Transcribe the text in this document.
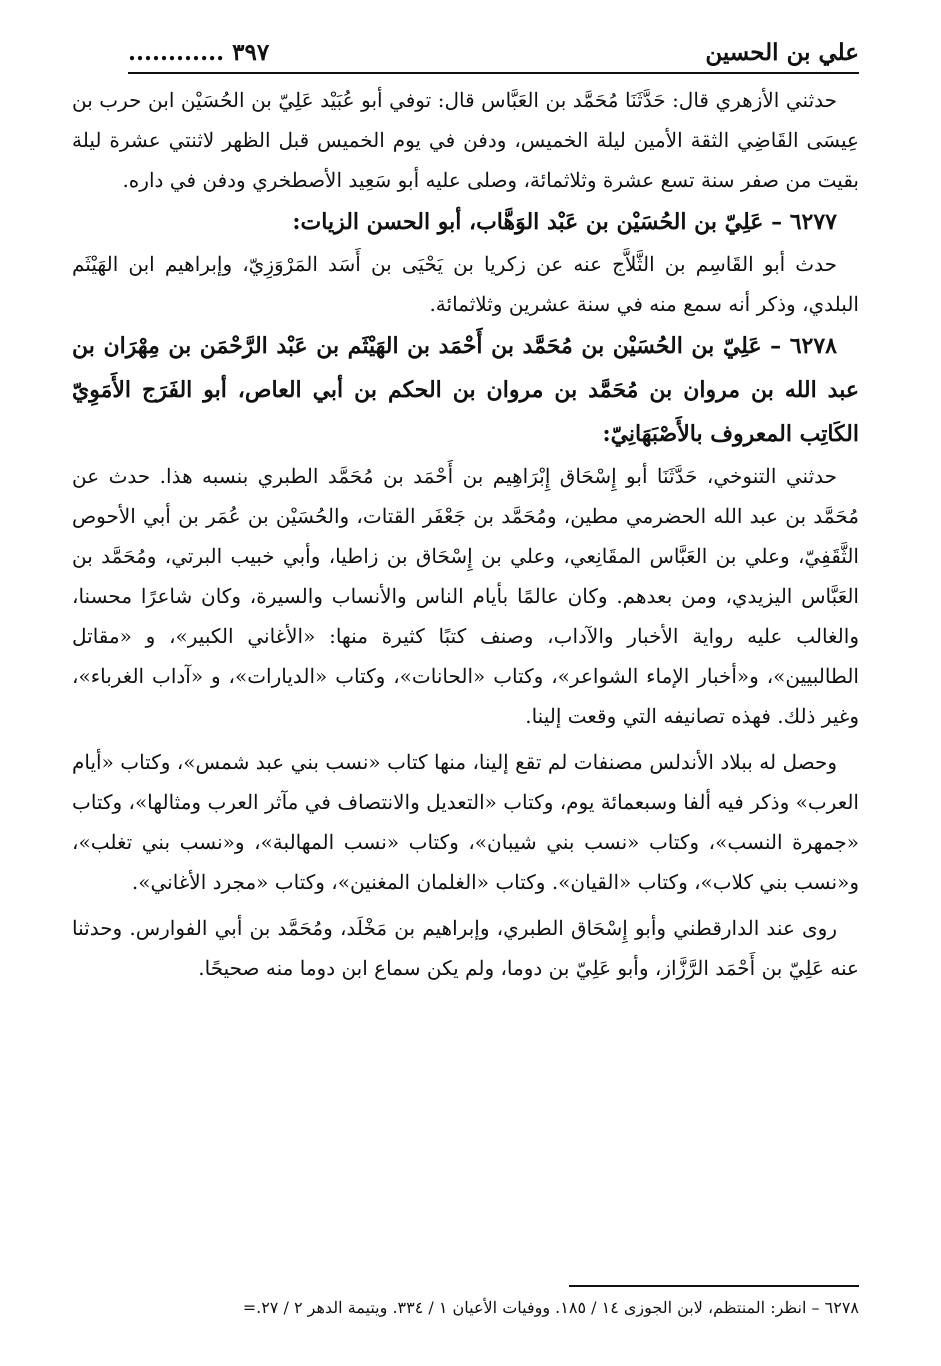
علي بن الحسين
٣٩٧ ............

حدثني الأزهري قال: حَدَّثَنَا مُحَمَّد بن العَبَّاس قال: توفي أبو عُبَيْد عَلِيّ بن الحُسَيْن ابن حرب بن عِيسَى القَاضِي الثقة الأمين ليلة الخميس، ودفن في يوم الخميس قبل الظهر لاثنتي عشرة ليلة بقيت من صفر سنة تسع عشرة وثلاثمائة، وصلى عليه أبو سَعِيد الأصطخري ودفن في داره.

٦٢٧٧ – عَلِيّ بن الحُسَيْن بن عَبْد الوَهَّاب، أبو الحسن الزيات:

حدث أبو القَاسِم بن الثَّلاَّج عنه عن زكريا بن يَحْيَى بن أَسَد المَرْوَزِيّ، وإبراهيم ابن الهَيْثَم البلدي، وذكر أنه سمع منه في سنة عشرين وثلاثمائة.

٦٢٧٨ – عَلِيّ بن الحُسَيْن بن مُحَمَّد بن أَحْمَد بن الهَيْثَم بن عَبْد الرَّحْمَن بن مِهْرَان بن عبد الله بن مروان بن مُحَمَّد بن مروان بن الحكم بن أبي العاص، أبو الفَرَج الأَمَوِيّ الكَاتِب المعروف بالأَصْبَهَانِيّ:

حدثني التنوخي، حَدَّثَنَا أبو إِسْحَاق إِبْرَاهِيم بن أَحْمَد بن مُحَمَّد الطبري بنسبه هذا. حدث عن مُحَمَّد بن عبد الله الحضرمي مطين، ومُحَمَّد بن جَعْفَر القتات، والحُسَيْن بن عُمَر بن أبي الأحوص الثَّقَفِيّ، وعلي بن العَبَّاس المقَانِعي، وعلي بن إِسْحَاق بن زاطيا، وأبي خبيب البرتي، ومُحَمَّد بن العَبَّاس اليزيدي، ومن بعدهم. وكان عالمًا بأيام الناس والأنساب والسيرة، وكان شاعرًا محسنا، والغالب عليه رواية الأخبار والآداب، وصنف كتبًا كثيرة منها: «الأغاني الكبير»، و «مقاتل الطالبيين»، و«أخبار الإماء الشواعر»، وكتاب «الحانات»، وكتاب «الديارات»، و «آداب الغرباء»، وغير ذلك. فهذه تصانيفه التي وقعت إلينا.

وحصل له ببلاد الأندلس مصنفات لم تقع إلينا، منها كتاب «نسب بني عبد شمس»، وكتاب «أيام العرب» وذكر فيه ألفا وسبعمائة يوم، وكتاب «التعديل والانتصاف في مآثر العرب ومثالها»، وكتاب «جمهرة النسب»، وكتاب «نسب بني شيبان»، وكتاب «نسب المهالبة»، و«نسب بني تغلب»، و«نسب بني كلاب»، وكتاب «القيان». وكتاب «الغلمان المغنين»، وكتاب «مجرد الأغاني».

روى عند الدارقطني وأبو إِسْحَاق الطبري، وإبراهيم بن مَخْلَد، ومُحَمَّد بن أبي الفوارس. وحدثنا عنه عَلِيّ بن أَحْمَد الرَّزَّاز، وأبو عَلِيّ بن دوما، ولم يكن سماع ابن دوما منه صحيحًا.

٦٢٧٨ – انظر: المنتظم، لابن الجوزى ١٤ / ١٨٥. ووفيات الأعيان ١ / ٣٣٤. ويتيمة الدهر ٢ / ٢٧.=
